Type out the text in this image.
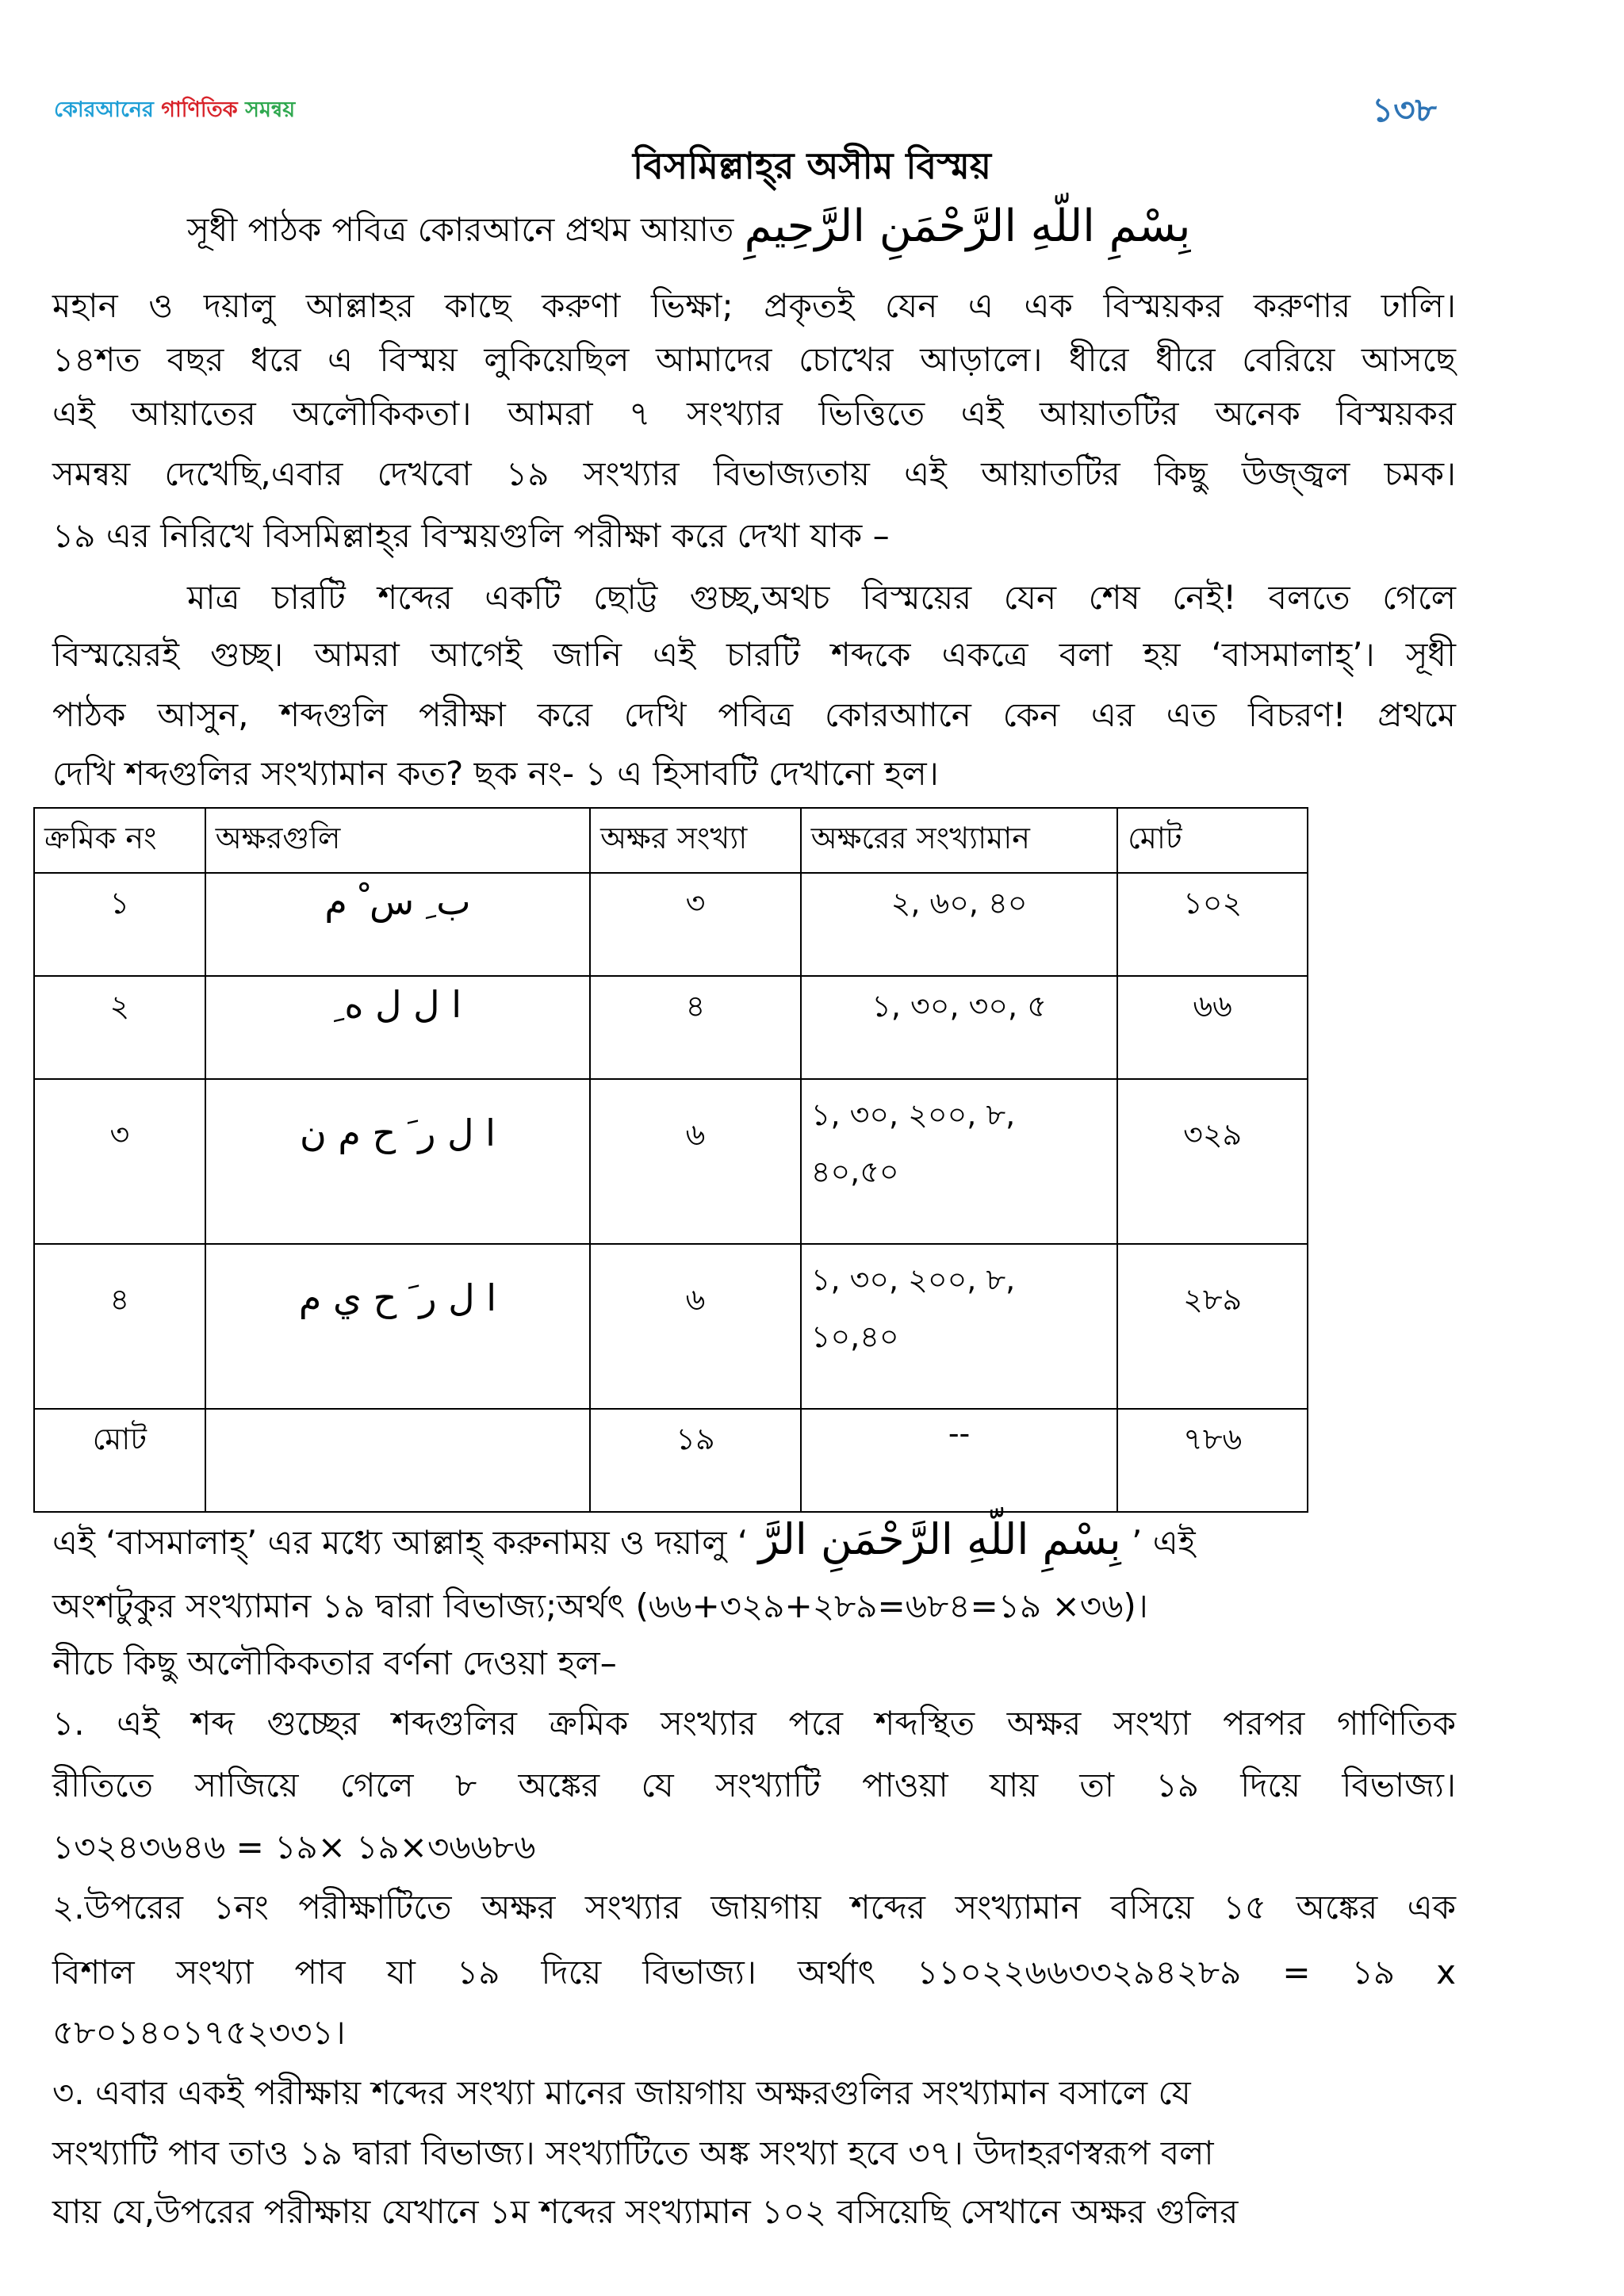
কোরআনের গাণিতিক সমন্বয়	১৩৮
বিসমিল্লাহ্‌র অসীম বিস্ময়
সূধী পাঠক পবিত্র কোরআনে প্রথম আয়াত بِسْمِ اللّهِ الرَّحْمَنِ الرَّحِيمِ
মহান ও দয়ালু আল্লাহর কাছে করুণা ভিক্ষা; প্রকৃতই যেন এ এক বিস্ময়কর করুণার ঢালি।
১৪শত বছর ধরে এ বিস্ময় লুকিয়েছিল আমাদের চোখের আড়ালে। ধীরে ধীরে বেরিয়ে আসছে
এই আয়াতের অলৌকিকতা। আমরা ৭ সংখ্যার ভিত্তিতে এই আয়াতটির অনেক বিস্ময়কর
সমন্বয় দেখেছি,এবার দেখবো ১৯ সংখ্যার বিভাজ্যতায় এই আয়াতটির কিছু উজ্জ্বল চমক।
১৯ এর নিরিখে বিসমিল্লাহ্‌র বিস্ময়গুলি পরীক্ষা করে দেখা যাক –
মাত্র চারটি শব্দের একটি ছোট্ট গুচ্ছ,অথচ বিস্ময়ের যেন শেষ নেই! বলতে গেলে
বিস্ময়েরই গুচ্ছ। আমরা আগেই জানি এই চারটি শব্দকে একত্রে বলা হয় ‘বাসমালাহ্‌’। সূধী
পাঠক আসুন, শব্দগুলি পরীক্ষা করে দেখি পবিত্র কোরআানে কেন এর এত বিচরণ! প্রথমে
দেখি শব্দগুলির সংখ্যামান কত? ছক নং- ১ এ হিসাবটি দেখানো হল।
ক্রমিক নং	অক্ষরগুলি	অক্ষর সংখ্যা	অক্ষরের সংখ্যামান	মোট
১	ب ِ س ْ م	৩	২, ৬০, ৪০	১০২
২	ا ل ل ه ِ	৪	১, ৩০, ৩০, ৫	৬৬
৩	ا ل ر َ ح م ن	৬	১, ৩০, ২০০, ৮, ৪০,৫০	৩২৯
৪	ا ل ر َ ح ي م	৬	১, ৩০, ২০০, ৮, ১০,৪০	২৮৯
মোট		১৯	--	৭৮৬
এই ‘বাসমালাহ্‌’ এর মধ্যে আল্লাহ্‌ করুনাময় ও দয়ালু ‘ بِسْمِ اللّهِ الرَّحْمَنِ الرَّ ’ এই
অংশটুকুর সংখ্যামান ১৯ দ্বারা বিভাজ্য;অর্থৎ (৬৬+৩২৯+২৮৯=৬৮৪=১৯ ×৩৬)।
নীচে কিছু অলৌকিকতার বর্ণনা দেওয়া হল–
১. এই শব্দ গুচ্ছের শব্দগুলির ক্রমিক সংখ্যার পরে শব্দস্থিত অক্ষর সংখ্যা পরপর গাণিতিক
রীতিতে সাজিয়ে গেলে ৮ অঙ্কের যে সংখ্যাটি পাওয়া যায় তা ১৯ দিয়ে বিভাজ্য।
১৩২৪৩৬৪৬ = ১৯× ১৯×৩৬৬৮৬
২.উপরের ১নং পরীক্ষাটিতে অক্ষর সংখ্যার জায়গায় শব্দের সংখ্যামান বসিয়ে ১৫ অঙ্কের এক
বিশাল সংখ্যা পাব যা ১৯ দিয়ে বিভাজ্য। অর্থাৎ ১১০২২৬৬৩৩২৯৪২৮৯ = ১৯ x
৫৮০১৪০১৭৫২৩৩১।
৩. এবার একই পরীক্ষায় শব্দের সংখ্যা মানের জায়গায় অক্ষরগুলির সংখ্যামান বসালে যে
সংখ্যাটি পাব তাও ১৯ দ্বারা বিভাজ্য। সংখ্যাটিতে অঙ্ক সংখ্যা হবে ৩৭। উদাহরণস্বরূপ বলা
যায় যে,উপরের পরীক্ষায় যেখানে ১ম শব্দের সংখ্যামান ১০২ বসিয়েছি সেখানে অক্ষর গুলির
